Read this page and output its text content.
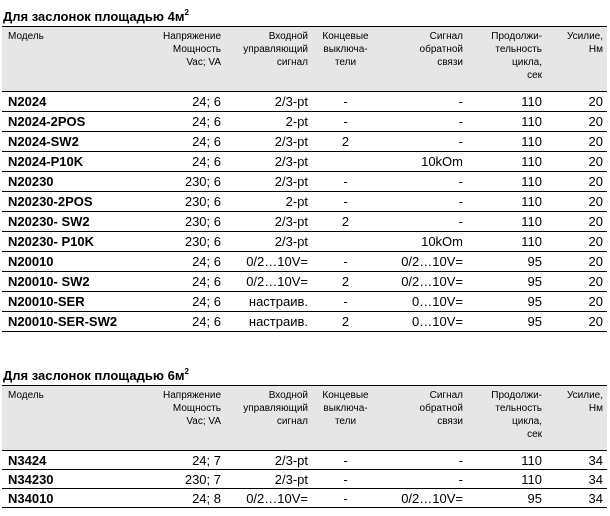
Для заслонок площадью $4м^2$
Модель	Напряжение
Мощность
Vac; VA	Входной
управляющий
сигнал	Концевые
выключа-
тели	Сигнал
обратной
связи	Продолжи-
тельность
цикла,
сек	Усилие,
Нм

N2024	24; 6	2/3-pt	-	-	110	20
N2024-2POS	24; 6	2-pt	-	-	110	20
N2024-SW2	24; 6	2/3-pt	2	-	110	20
N2024-P10K	24; 6	2/3-pt		10kOm	110	20
N20230	230; 6	2/3-pt	-	-	110	20
N20230-2POS	230; 6	2-pt	-	-	110	20
N20230- SW2	230; 6	2/3-pt	2	-	110	20
N20230- P10K	230; 6	2/3-pt		10kOm	110	20
N20010	24; 6	0/2…10V=	-	0/2…10V=	95	20
N20010- SW2	24; 6	0/2…10V=	2	0/2…10V=	95	20
N20010-SER	24; 6	настраив.	-	0…10V=	95	20
N20010-SER-SW2	24; 6	настраив.	2	0…10V=	95	20
Для заслонок площадью $6м^2$
Модель	Напряжение
Мощность
Vac; VA	Входной
управляющий
сигнал	Концевые
выключа-
тели	Сигнал
обратной
связи	Продолжи-
тельность
цикла,
сек	Усилие,
Нм

N3424	24; 7	2/3-pt	-	-	110	34
N34230	230; 7	2/3-pt	-	-	110	34
N34010	24; 8	0/2…10V=	-	0/2…10V=	95	34
